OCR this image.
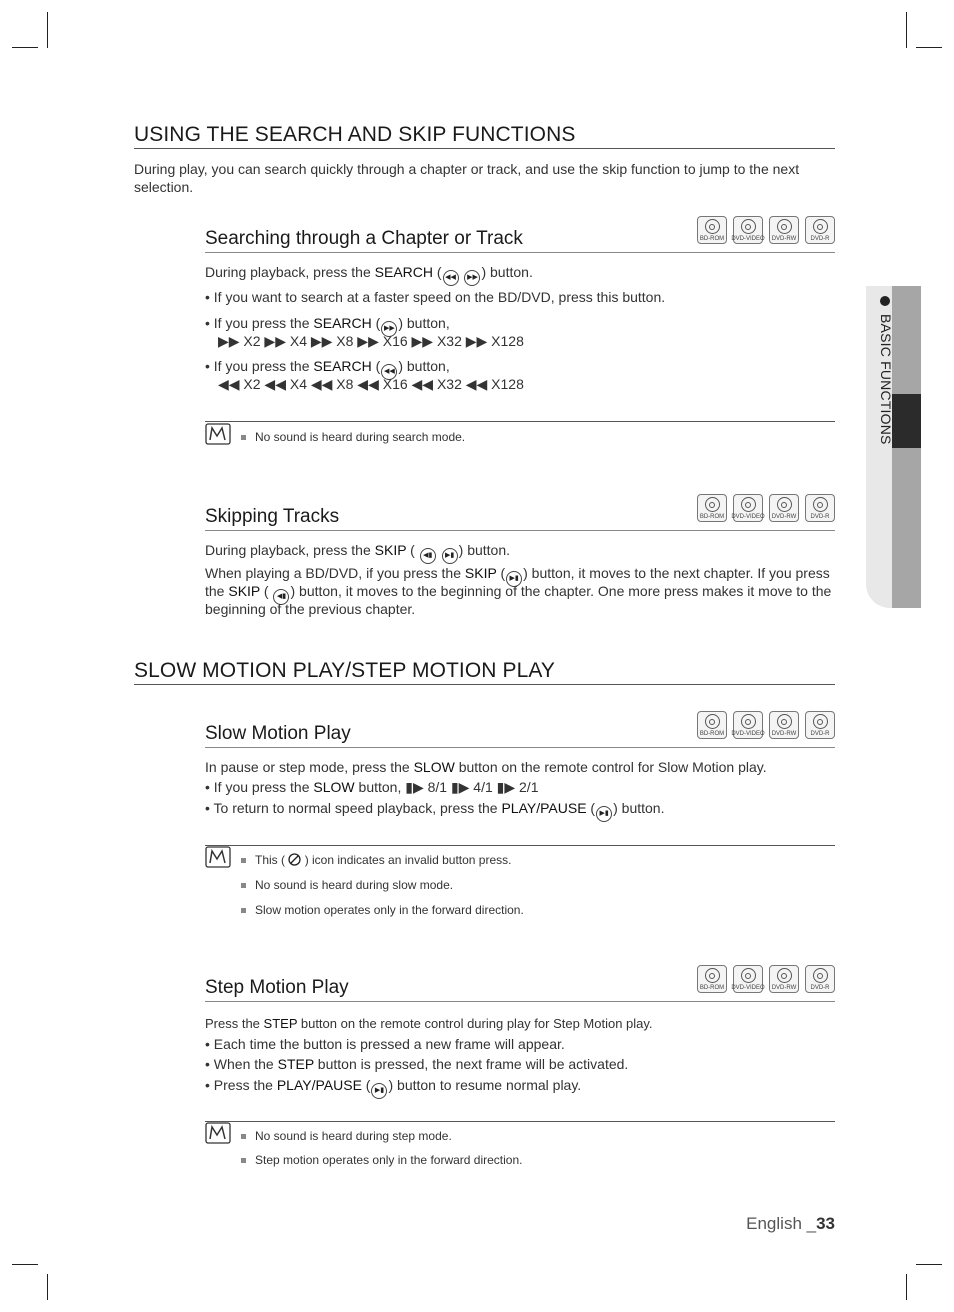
BASIC FUNCTIONS
USING THE SEARCH AND SKIP FUNCTIONS
During play, you can search quickly through a chapter or track, and use the skip function to jump to the next selection.
Searching through a Chapter or Track	BD-ROM DVD-VIDEO DVD-RW DVD-R
During playback, press the SEARCH ( ◀◀ ▶▶ ) button.
• If you want to search at a faster speed on the BD/DVD, press this button.
• If you press the SEARCH ( ▶▶ ) button,
▶▶ X2 ▶▶ X4 ▶▶ X8 ▶▶ X16 ▶▶ X32 ▶▶ X128
• If you press the SEARCH ( ◀◀ ) button,
◀◀ X2 ◀◀ X4 ◀◀ X8 ◀◀ X16 ◀◀ X32 ◀◀ X128
No sound is heard during search mode.
Skipping Tracks	BD-ROM DVD-VIDEO DVD-RW DVD-R
During playback, press the SKIP ( ◀▮ ▶▮ ) button.
When playing a BD/DVD, if you press the SKIP ( ▶▮ ) button, it moves to the next chapter. If you press
the SKIP ( ◀▮ ) button, it moves to the beginning of the chapter. One more press makes it move to the
beginning of the previous chapter.
SLOW MOTION PLAY/STEP MOTION PLAY
Slow Motion Play	BD-ROM DVD-VIDEO DVD-RW DVD-R
In pause or step mode, press the SLOW button on the remote control for Slow Motion play.
• If you press the SLOW button, ▮▶ 8/1 ▮▶ 4/1 ▮▶ 2/1
• To return to normal speed playback, press the PLAY/PAUSE ( ▶▮ ) button.
This ( ) icon indicates an invalid button press.
No sound is heard during slow mode.
Slow motion operates only in the forward direction.
Step Motion Play	BD-ROM DVD-VIDEO DVD-RW DVD-R
Press the STEP button on the remote control during play for Step Motion play.
• Each time the button is pressed a new frame will appear.
• When the STEP button is pressed, the next frame will be activated.
• Press the PLAY/PAUSE ( ▶▮ ) button to resume normal play.
No sound is heard during step mode.
Step motion operates only in the forward direction.
English _33
